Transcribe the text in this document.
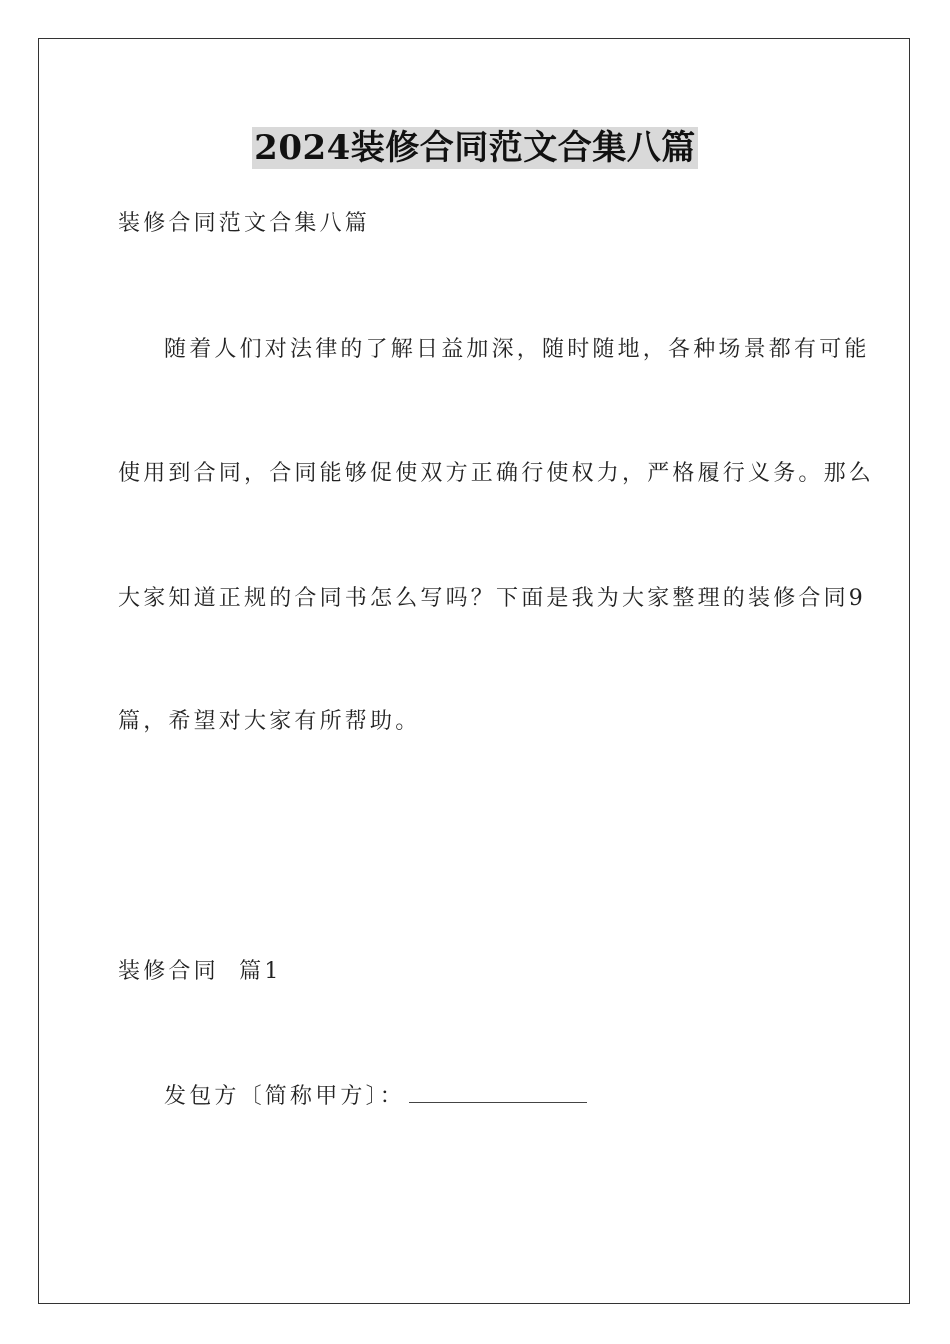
2024装修合同范文合集八篇
装修合同范文合集八篇
随着人们对法律的了解日益加深，随时随地，各种场景都有可能
使用到合同，合同能够促使双方正确行使权力，严格履行义务。那么
大家知道正规的合同书怎么写吗？下面是我为大家整理的装修合同9
篇，希望对大家有所帮助。
装修合同  篇1
发包方〔简称甲方〕：
